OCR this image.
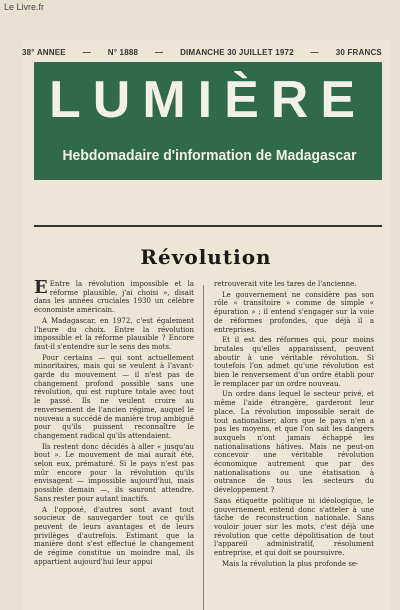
Le Livre.fr
38° ANNEE — N° 1888 — DIMANCHE 30 JUILLET 1972 — 30 FRANCS
LUMIÈRE
Hebdomadaire d'information de Madagascar
Révolution

E Entre la révolution impossible et la réforme plausible, j'ai choisi », disait dans les années cruciales 1930 un célèbre économiste américain.

A Madagascar, en 1972, c'est également l'heure du choix. Entre la révolution impossible et la réforme plausible ? Encore faut-il s'entendre sur le sens des mots.

Pour certains — qui sont actuellement minoritaires, mais qui se veulent à l'avant-garde du mouvement — il n'est pas de changement profond possible sans une révolution, qui est rupture totale avec tout le passé. Ils ne veulent croire au renversement de l'ancien régime, auquel le nouveau a succédé de manière trop ambiguë pour qu'ils puissent reconnaître le changement radical qu'ils attendaient.

Ils restent donc décidés à aller « jusqu'au bout ». Le mouvement de mai aurait été, selon eux, prématuré. Si le pays n'est pas mûr encore pour la révolution qu'ils envisagent — impossible aujourd'hui, mais possible demain —, ils sauront attendre. Sans rester pour autant inactifs.

A l'opposé, d'autres sont avant tout soucieux de sauvegarder tout ce qu'ils peuvent de leurs avantages et de leurs privilèges d'autrefois. Estimant que la manière dont s'est effectué le changement de régime constitue un moindre mal, ils appartient aujourd'hui leur appui

retrouverait vite les tares de l'ancienne.

Le gouvernement ne considère pas son rôle « transitoire » comme de simple « épuration » ; il entend s'engager sur la voie de réformes profondes, que déjà il a entreprises.

Et il est des réformes qui, pour moins brutales qu'elles apparaissent, peuvent aboutir à une véritable révolution. Si toutefois l'on admet qu'une révolution est bien le renversement d'un ordre établi pour le remplacer par un ordre nouveau.

Un ordre dans lequel le secteur privé, et même l'aide étrangère, garderont leur place. La révolution impossible serait de tout nationaliser, alors que le pays n'en a pas les moyens, et que l'on sait les dangers auxquels n'ont jamais échappé les nationalisations hâtives. Mais ne peut-on concevoir une véritable révolution économique autrement que par des nationalisations ou une étatisation à outrance de tous les secteurs du développement ?

Sans étiquette politique ni idéologique, le gouvernement entend donc s'atteler à une tâche de reconstruction nationale. Sans vouloir jouer sur les mots, c'est déjà une révolution que cette dépolitisation de tout l'appareil administratif, résolument entreprise, et qui doit se poursuivre.

Mais la révolution la plus profonde se-
